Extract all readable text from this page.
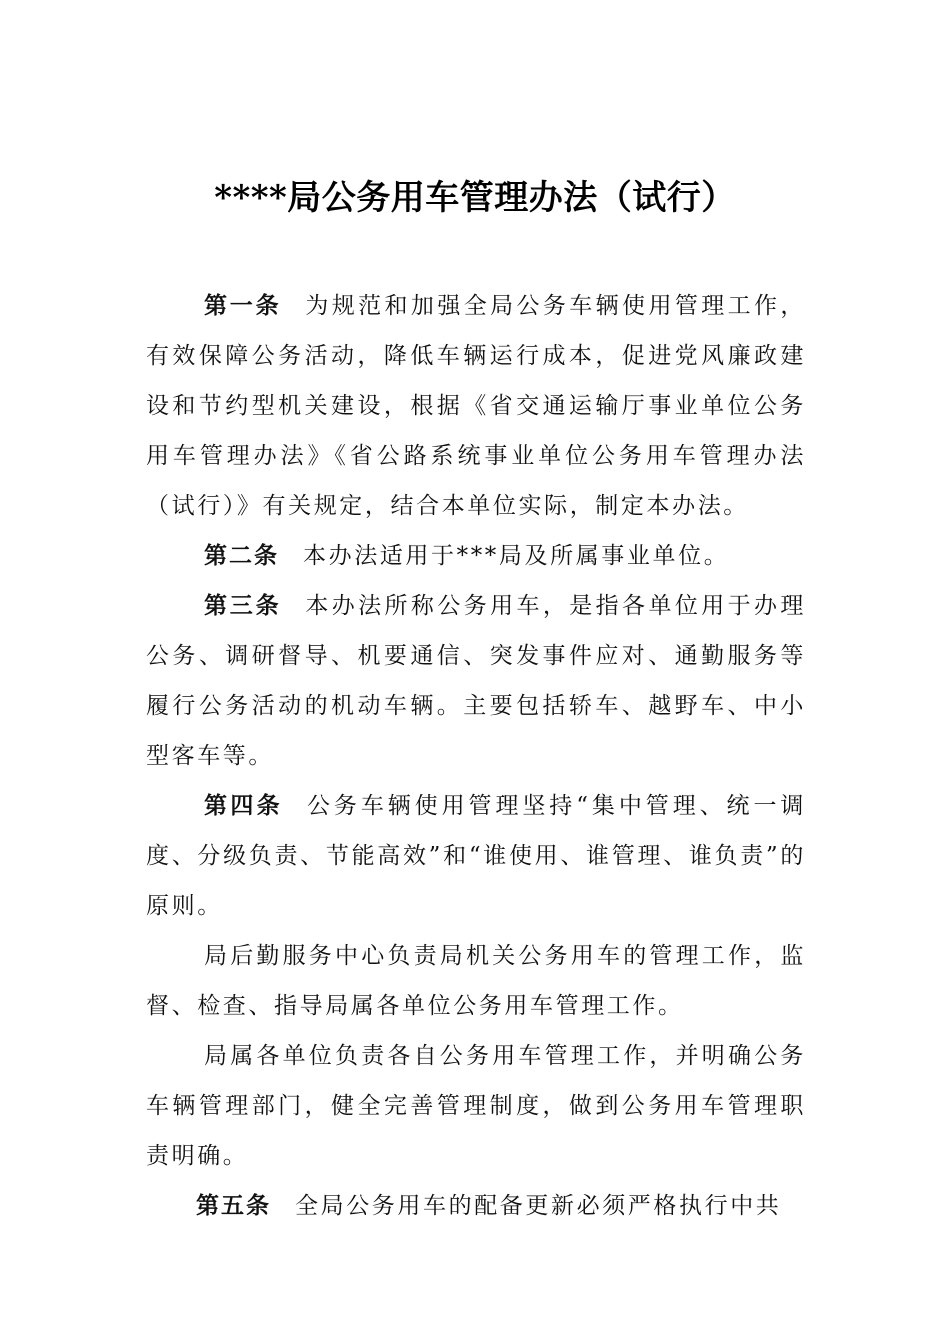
****局公务用车管理办法（试行）

第一条 为规范和加强全局公务车辆使用管理工作，有效保障公务活动，降低车辆运行成本，促进党风廉政建设和节约型机关建设，根据《省交通运输厅事业单位公务用车管理办法》《省公路系统事业单位公务用车管理办法（试行）》有关规定，结合本单位实际，制定本办法。

第二条 本办法适用于***局及所属事业单位。

第三条 本办法所称公务用车，是指各单位用于办理公务、调研督导、机要通信、突发事件应对、通勤服务等履行公务活动的机动车辆。主要包括轿车、越野车、中小型客车等。

第四条 公务车辆使用管理坚持“集中管理、统一调度、分级负责、节能高效”和“谁使用、谁管理、谁负责”的原则。

局后勤服务中心负责局机关公务用车的管理工作，监督、检查、指导局属各单位公务用车管理工作。

局属各单位负责各自公务用车管理工作，并明确公务车辆管理部门，健全完善管理制度，做到公务用车管理职责明确。

第五条 全局公务用车的配备更新必须严格执行中共
